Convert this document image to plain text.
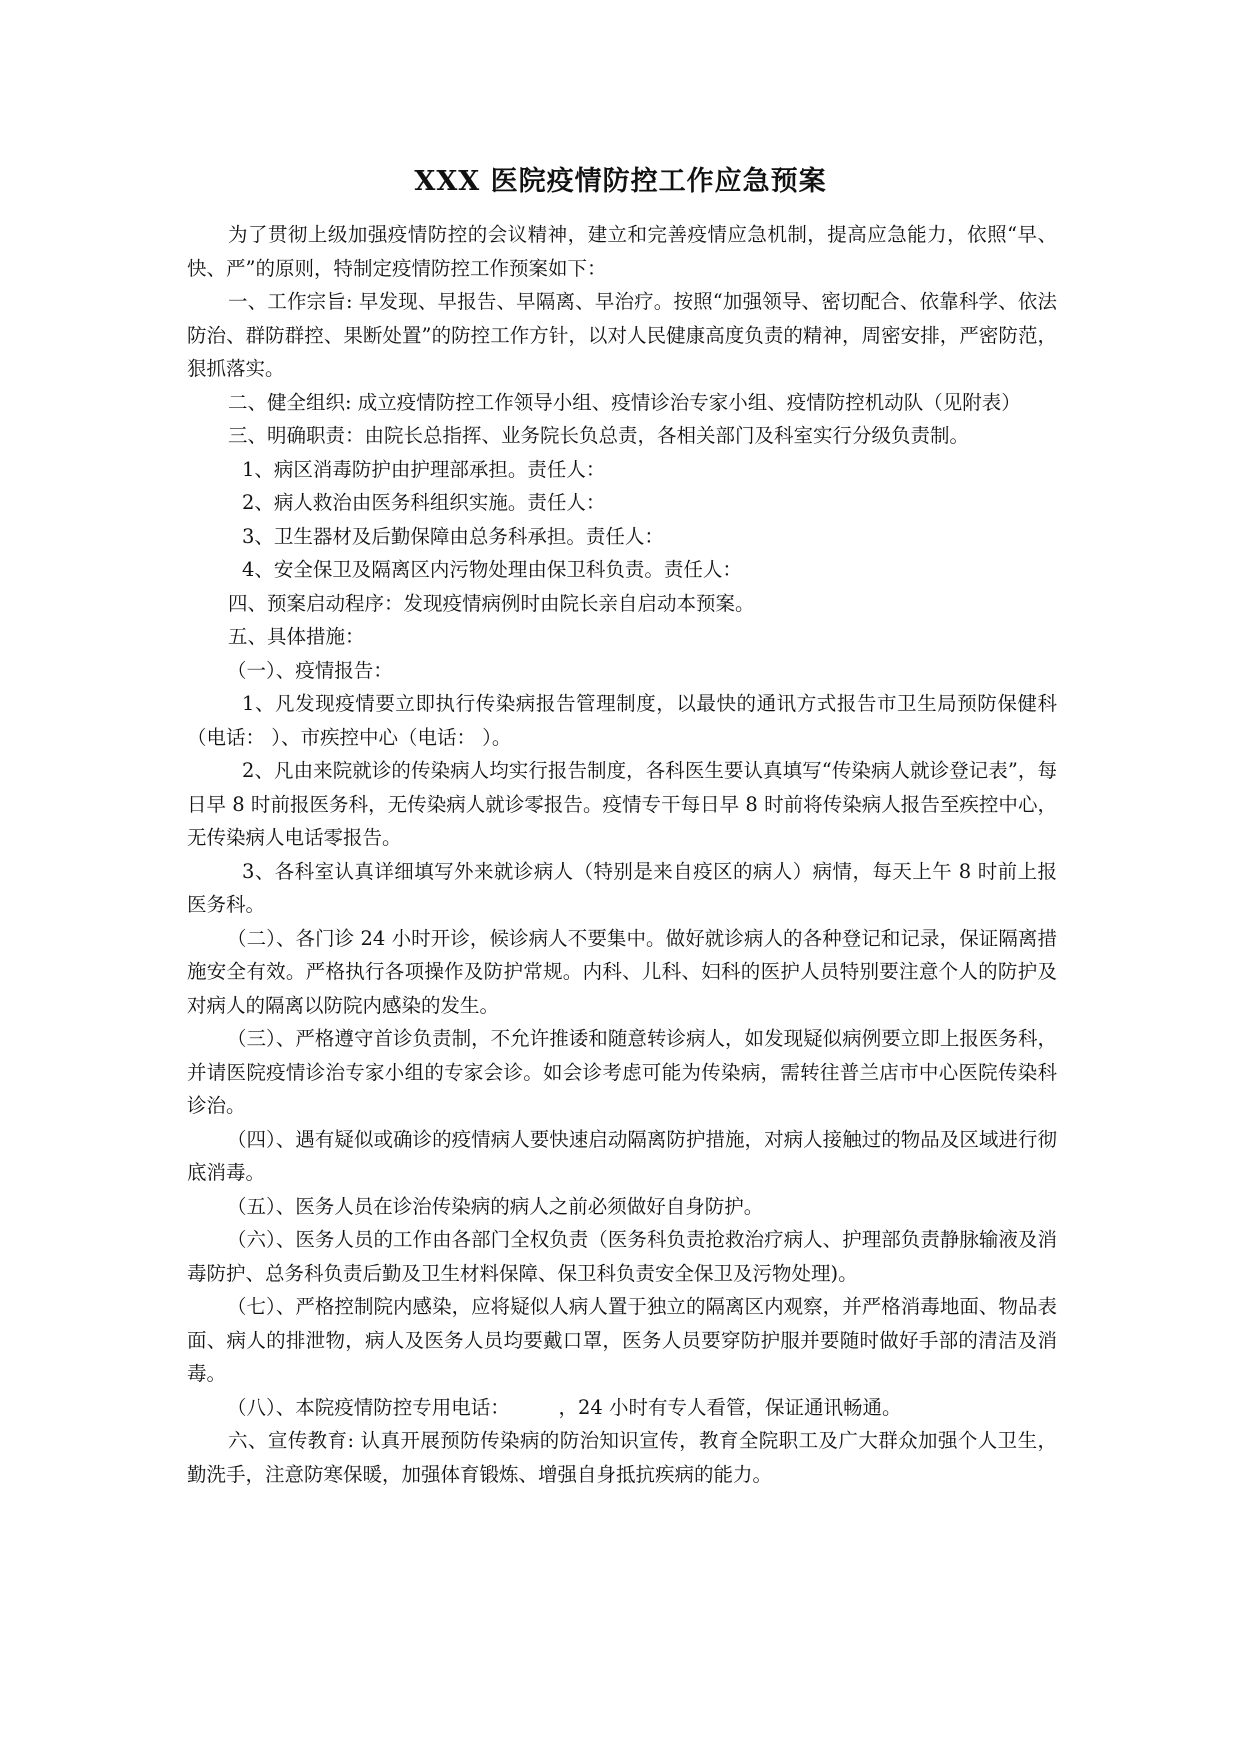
XXX 医院疫情防控工作应急预案

为了贯彻上级加强疫情防控的会议精神，建立和完善疫情应急机制，提高应急能力，依照“早、快、严”的原则，特制定疫情防控工作预案如下：

一、工作宗旨: 早发现、早报告、早隔离、早治疗。按照“加强领导、密切配合、依靠科学、依法防治、群防群控、果断处置”的防控工作方针，以对人民健康高度负责的精神，周密安排，严密防范，狠抓落实。

二、健全组织: 成立疫情防控工作领导小组、疫情诊治专家小组、疫情防控机动队（见附表）

三、明确职责：由院长总指挥、业务院长负总责，各相关部门及科室实行分级负责制。

1、病区消毒防护由护理部承担。责任人：

2、病人救治由医务科组织实施。责任人：

3、卫生器材及后勤保障由总务科承担。责任人：

4、安全保卫及隔离区内污物处理由保卫科负责。责任人：

四、预案启动程序：发现疫情病例时由院长亲自启动本预案。

五、具体措施：

（一）、疫情报告：

1、凡发现疫情要立即执行传染病报告管理制度，以最快的通讯方式报告市卫生局预防保健科（电话： ）、市疾控中心（电话： ）。

2、凡由来院就诊的传染病人均实行报告制度，各科医生要认真填写“传染病人就诊登记表”，每日早 8 时前报医务科，无传染病人就诊零报告。疫情专干每日早 8 时前将传染病人报告至疾控中心，无传染病人电话零报告。

3、各科室认真详细填写外来就诊病人（特别是来自疫区的病人）病情，每天上午 8 时前上报医务科。

（二）、各门诊 24 小时开诊，候诊病人不要集中。做好就诊病人的各种登记和记录，保证隔离措施安全有效。严格执行各项操作及防护常规。内科、儿科、妇科的医护人员特别要注意个人的防护及对病人的隔离以防院内感染的发生。

（三）、严格遵守首诊负责制，不允许推诿和随意转诊病人，如发现疑似病例要立即上报医务科，并请医院疫情诊治专家小组的专家会诊。如会诊考虑可能为传染病，需转往普兰店市中心医院传染科诊治。

（四）、遇有疑似或确诊的疫情病人要快速启动隔离防护措施，对病人接触过的物品及区域进行彻底消毒。

（五）、医务人员在诊治传染病的病人之前必须做好自身防护。

（六）、医务人员的工作由各部门全权负责（医务科负责抢救治疗病人、护理部负责静脉输液及消毒防护、总务科负责后勤及卫生材料保障、保卫科负责安全保卫及污物处理)。

（七）、严格控制院内感染，应将疑似人病人置于独立的隔离区内观察，并严格消毒地面、物品表面、病人的排泄物，病人及医务人员均要戴口罩，医务人员要穿防护服并要随时做好手部的清洁及消毒。

（八）、本院疫情防控专用电话：　　　，24 小时有专人看管，保证通讯畅通。

六、宣传教育: 认真开展预防传染病的防治知识宣传，教育全院职工及广大群众加强个人卫生，勤洗手，注意防寒保暖，加强体育锻炼、增强自身抵抗疾病的能力。
